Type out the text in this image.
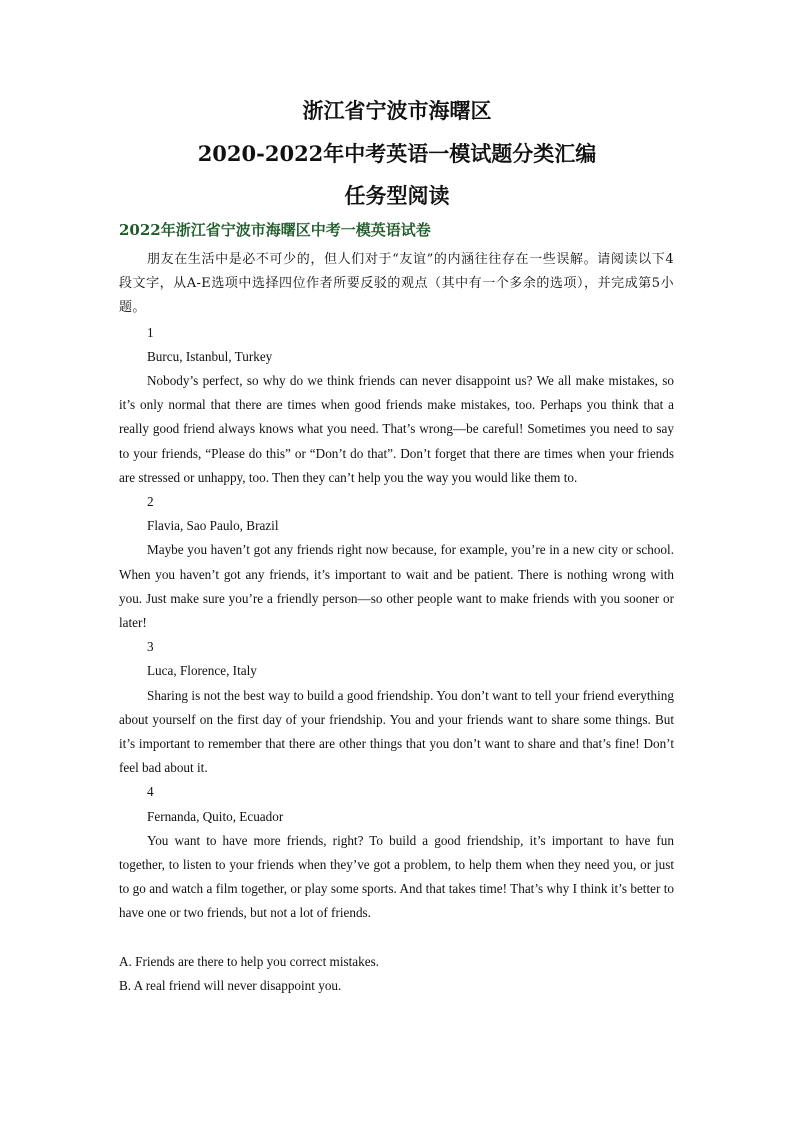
浙江省宁波市海曙区
2020-2022年中考英语一模试题分类汇编
任务型阅读
2022年浙江省宁波市海曙区中考一模英语试卷

朋友在生活中是必不可少的，但人们对于“友谊”的内涵往往存在一些误解。请阅读以下4段文字，从A-E选项中选择四位作者所要反驳的观点（其中有一个多余的选项），并完成第5小题。

1

Burcu, Istanbul, Turkey

Nobody’s perfect, so why do we think friends can never disappoint us? We all make mistakes, so it’s only normal that there are times when good friends make mistakes, too. Perhaps you think that a really good friend always knows what you need. That’s wrong—be careful! Sometimes you need to say to your friends, “Please do this” or “Don’t do that”. Don’t forget that there are times when your friends are stressed or unhappy, too. Then they can’t help you the way you would like them to.

2

Flavia, Sao Paulo, Brazil

Maybe you haven’t got any friends right now because, for example, you’re in a new city or school. When you haven’t got any friends, it’s important to wait and be patient. There is nothing wrong with you. Just make sure you’re a friendly person—so other people want to make friends with you sooner or later!

3

Luca, Florence, Italy

Sharing is not the best way to build a good friendship. You don’t want to tell your friend everything about yourself on the first day of your friendship. You and your friends want to share some things. But it’s important to remember that there are other things that you don’t want to share and that’s fine! Don’t feel bad about it.

4

Fernanda, Quito, Ecuador

You want to have more friends, right? To build a good friendship, it’s important to have fun together, to listen to your friends when they’ve got a problem, to help them when they need you, or just to go and watch a film together, or play some sports. And that takes time! That’s why I think it’s better to have one or two friends, but not a lot of friends.

A. Friends are there to help you correct mistakes.

B. A real friend will never disappoint you.
